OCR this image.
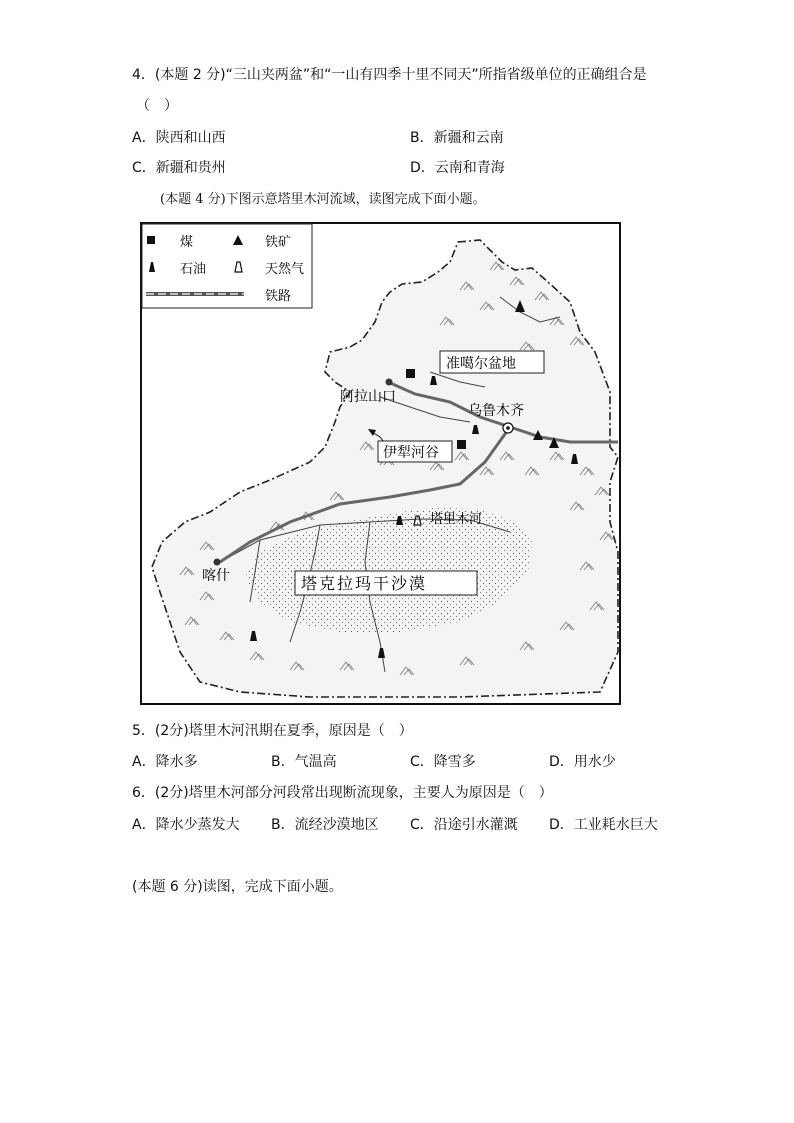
4．(本题 2 分)“三山夹两盆”和“一山有四季十里不同天”所指省级单位的正确组合是
（　）
A．陕西和山西	B．新疆和云南
C．新疆和贵州	D．云南和青海
(本题 4 分)下图示意塔里木河流域，读图完成下面小题。
煤	铁矿
石油	天然气
铁路
准噶尔盆地
阿拉山口
乌鲁木齐
伊犁河谷
塔里木河
喀什	塔克拉玛干沙漠
5．(2分)塔里木河汛期在夏季，原因是（　）
A．降水多	B．气温高	C．降雪多	D．用水少
6．(2分)塔里木河部分河段常出现断流现象，主要人为原因是（　）
A．降水少蒸发大 B．流经沙漠地区 C．沿途引水灌溉 D．工业耗水巨大
(本题 6 分)读图，完成下面小题。
